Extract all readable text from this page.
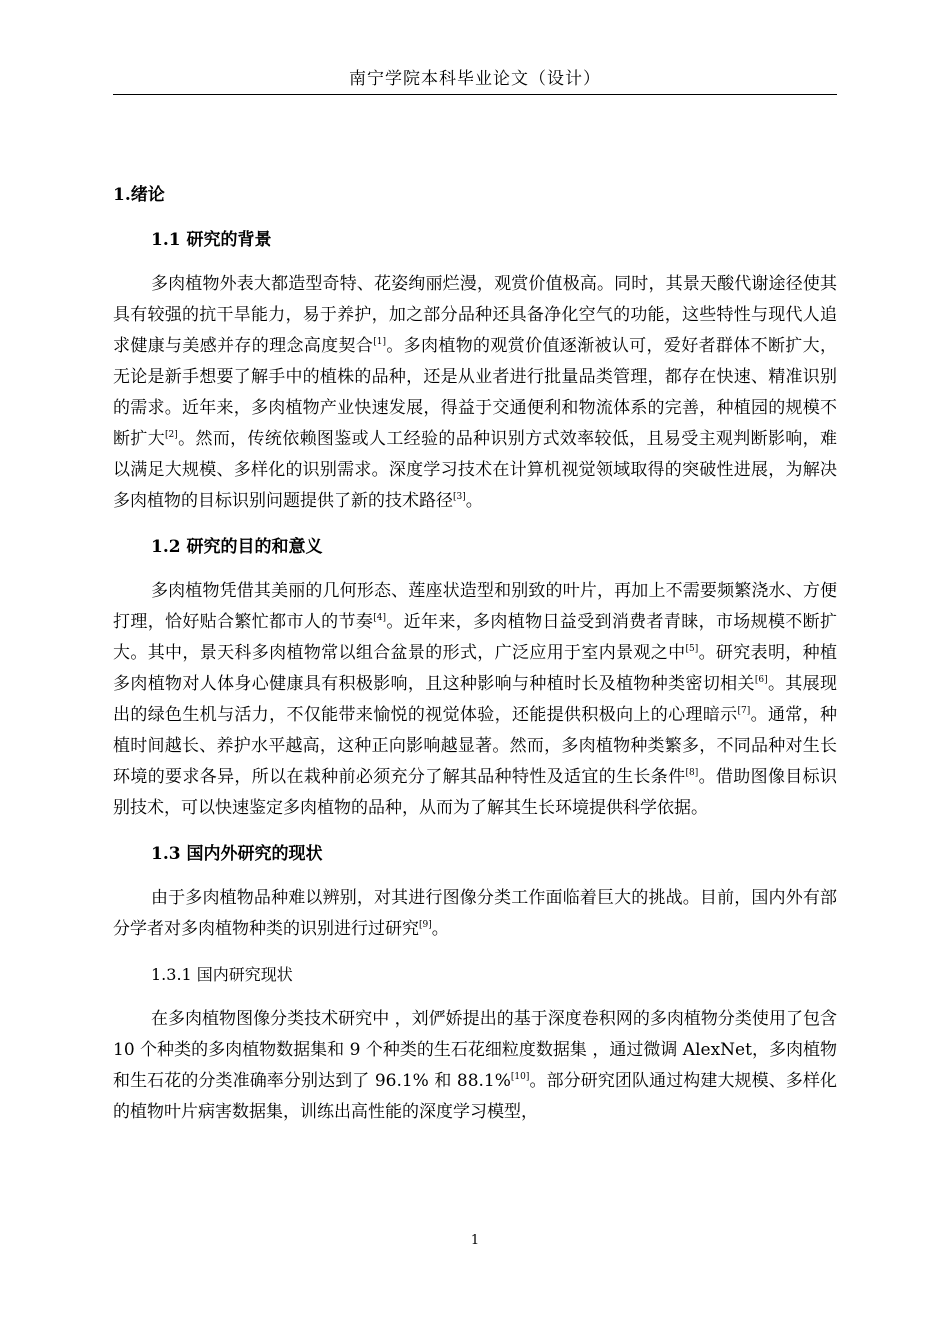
南宁学院本科毕业论文（设计）
1.绪论
1.1 研究的背景

多肉植物外表大都造型奇特、花姿绚丽烂漫，观赏价值极高。同时，其景天酸代谢途径使其具有较强的抗干旱能力，易于养护，加之部分品种还具备净化空气的功能，这些特性与现代人追求健康与美感并存的理念高度契合[1]。多肉植物的观赏价值逐渐被认可，爱好者群体不断扩大，无论是新手想要了解手中的植株的品种，还是从业者进行批量品类管理，都存在快速、精准识别的需求。近年来，多肉植物产业快速发展，得益于交通便利和物流体系的完善，种植园的规模不断扩大[2]。然而，传统依赖图鉴或人工经验的品种识别方式效率较低，且易受主观判断影响，难以满足大规模、多样化的识别需求。深度学习技术在计算机视觉领域取得的突破性进展，为解决多肉植物的目标识别问题提供了新的技术路径[3]。

1.2 研究的目的和意义

多肉植物凭借其美丽的几何形态、莲座状造型和别致的叶片，再加上不需要频繁浇水、方便打理，恰好贴合繁忙都市人的节奏[4]。近年来，多肉植物日益受到消费者青睐，市场规模不断扩大。其中，景天科多肉植物常以组合盆景的形式，广泛应用于室内景观之中[5]。研究表明，种植多肉植物对人体身心健康具有积极影响，且这种影响与种植时长及植物种类密切相关[6]。其展现出的绿色生机与活力，不仅能带来愉悦的视觉体验，还能提供积极向上的心理暗示[7]。通常，种植时间越长、养护水平越高，这种正向影响越显著。然而，多肉植物种类繁多，不同品种对生长环境的要求各异，所以在栽种前必须充分了解其品种特性及适宜的生长条件[8]。借助图像目标识别技术，可以快速鉴定多肉植物的品种，从而为了解其生长环境提供科学依据。

1.3 国内外研究的现状

由于多肉植物品种难以辨别，对其进行图像分类工作面临着巨大的挑战。目前，国内外有部分学者对多肉植物种类的识别进行过研究[9]。

1.3.1 国内研究现状

在多肉植物图像分类技术研究中 ，刘俨娇提出的基于深度卷积网的多肉植物分类使用了包含 10 个种类的多肉植物数据集和 9 个种类的生石花细粒度数据集 ，通过微调 AlexNet，多肉植物和生石花的分类准确率分别达到了 96.1% 和 88.1%[10]。部分研究团队通过构建大规模、多样化的植物叶片病害数据集，训练出高性能的深度学习模型，

1
